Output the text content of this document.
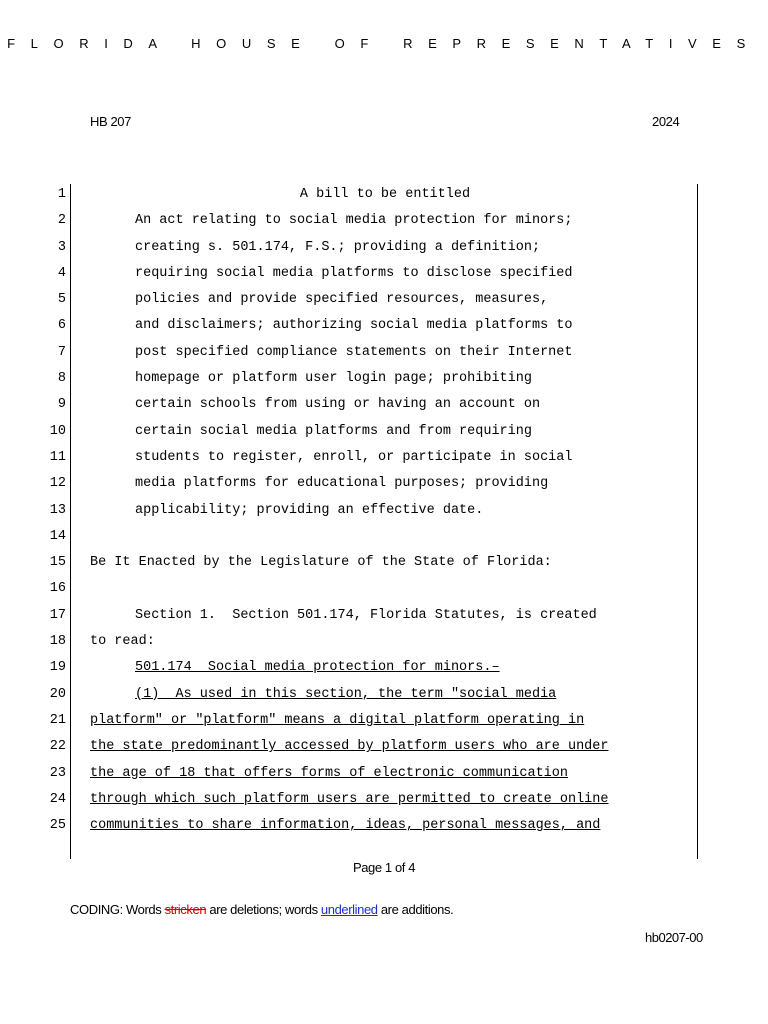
FLORIDA HOUSE OF REPRESENTATIVES
HB 207	2024
1	A bill to be entitled
2	An act relating to social media protection for minors;
3	creating s. 501.174, F.S.; providing a definition;
4	requiring social media platforms to disclose specified
5	policies and provide specified resources, measures,
6	and disclaimers; authorizing social media platforms to
7	post specified compliance statements on their Internet
8	homepage or platform user login page; prohibiting
9	certain schools from using or having an account on
10	certain social media platforms and from requiring
11	students to register, enroll, or participate in social
12	media platforms for educational purposes; providing
13	applicability; providing an effective date.
14
15 Be It Enacted by the Legislature of the State of Florida:
16
17	Section 1.  Section 501.174, Florida Statutes, is created
18 to read:
19	501.174  Social media protection for minors.–
20	(1)  As used in this section, the term "social media
21 platform" or "platform" means a digital platform operating in
22 the state predominantly accessed by platform users who are under
23 the age of 18 that offers forms of electronic communication
24 through which such platform users are permitted to create online
25 communities to share information, ideas, personal messages, and
Page 1 of 4
CODING: Words stricken are deletions; words underlined are additions.
hb0207-00
